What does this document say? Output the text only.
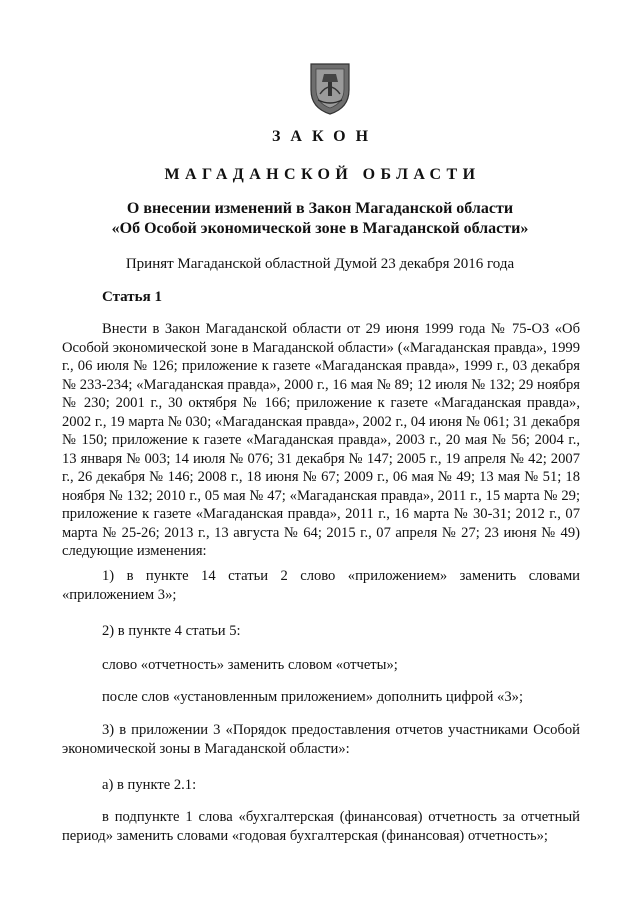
ЗАКОН
МАГАДАНСКОЙ ОБЛАСТИ
О внесении изменений в Закон Магаданской области
«Об Особой экономической зоне в Магаданской области»
Принят Магаданской областной Думой 23 декабря 2016 года
Статья 1

Внести в Закон Магаданской области от 29 июня 1999 года № 75-ОЗ «Об Особой экономической зоне в Магаданской области» («Магаданская правда», 1999 г., 06 июля № 126; приложение к газете «Магаданская правда», 1999 г., 03 декабря № 233-234; «Магаданская правда», 2000 г., 16 мая № 89; 12 июля № 132; 29 ноября № 230; 2001 г., 30 октября № 166; приложение к газете «Магаданская правда», 2002 г., 19 марта № 030; «Магаданская правда», 2002 г., 04 июня № 061; 31 декабря № 150; приложение к газете «Магаданская правда», 2003 г., 20 мая № 56; 2004 г., 13 января № 003; 14 июля № 076; 31 декабря № 147; 2005 г., 19 апреля № 42; 2007 г., 26 декабря № 146; 2008 г., 18 июня № 67; 2009 г., 06 мая № 49; 13 мая № 51; 18 ноября № 132; 2010 г., 05 мая № 47; «Магаданская правда», 2011 г., 15 марта № 29; приложение к газете «Магаданская правда», 2011 г., 16 марта № 30-31; 2012 г., 07 марта № 25-26; 2013 г., 13 августа № 64; 2015 г., 07 апреля № 27; 23 июня № 49) следующие изменения:

1) в пункте 14 статьи 2 слово «приложением» заменить словами «приложением 3»;

2) в пункте 4 статьи 5:

слово «отчетность» заменить словом «отчеты»;

после слов «установленным приложением» дополнить цифрой «3»;

3) в приложении 3 «Порядок предоставления отчетов участниками Особой экономической зоны в Магаданской области»:

а) в пункте 2.1:

в подпункте 1 слова «бухгалтерская (финансовая) отчетность за отчетный период» заменить словами «годовая бухгалтерская (финансовая) отчетность»;
